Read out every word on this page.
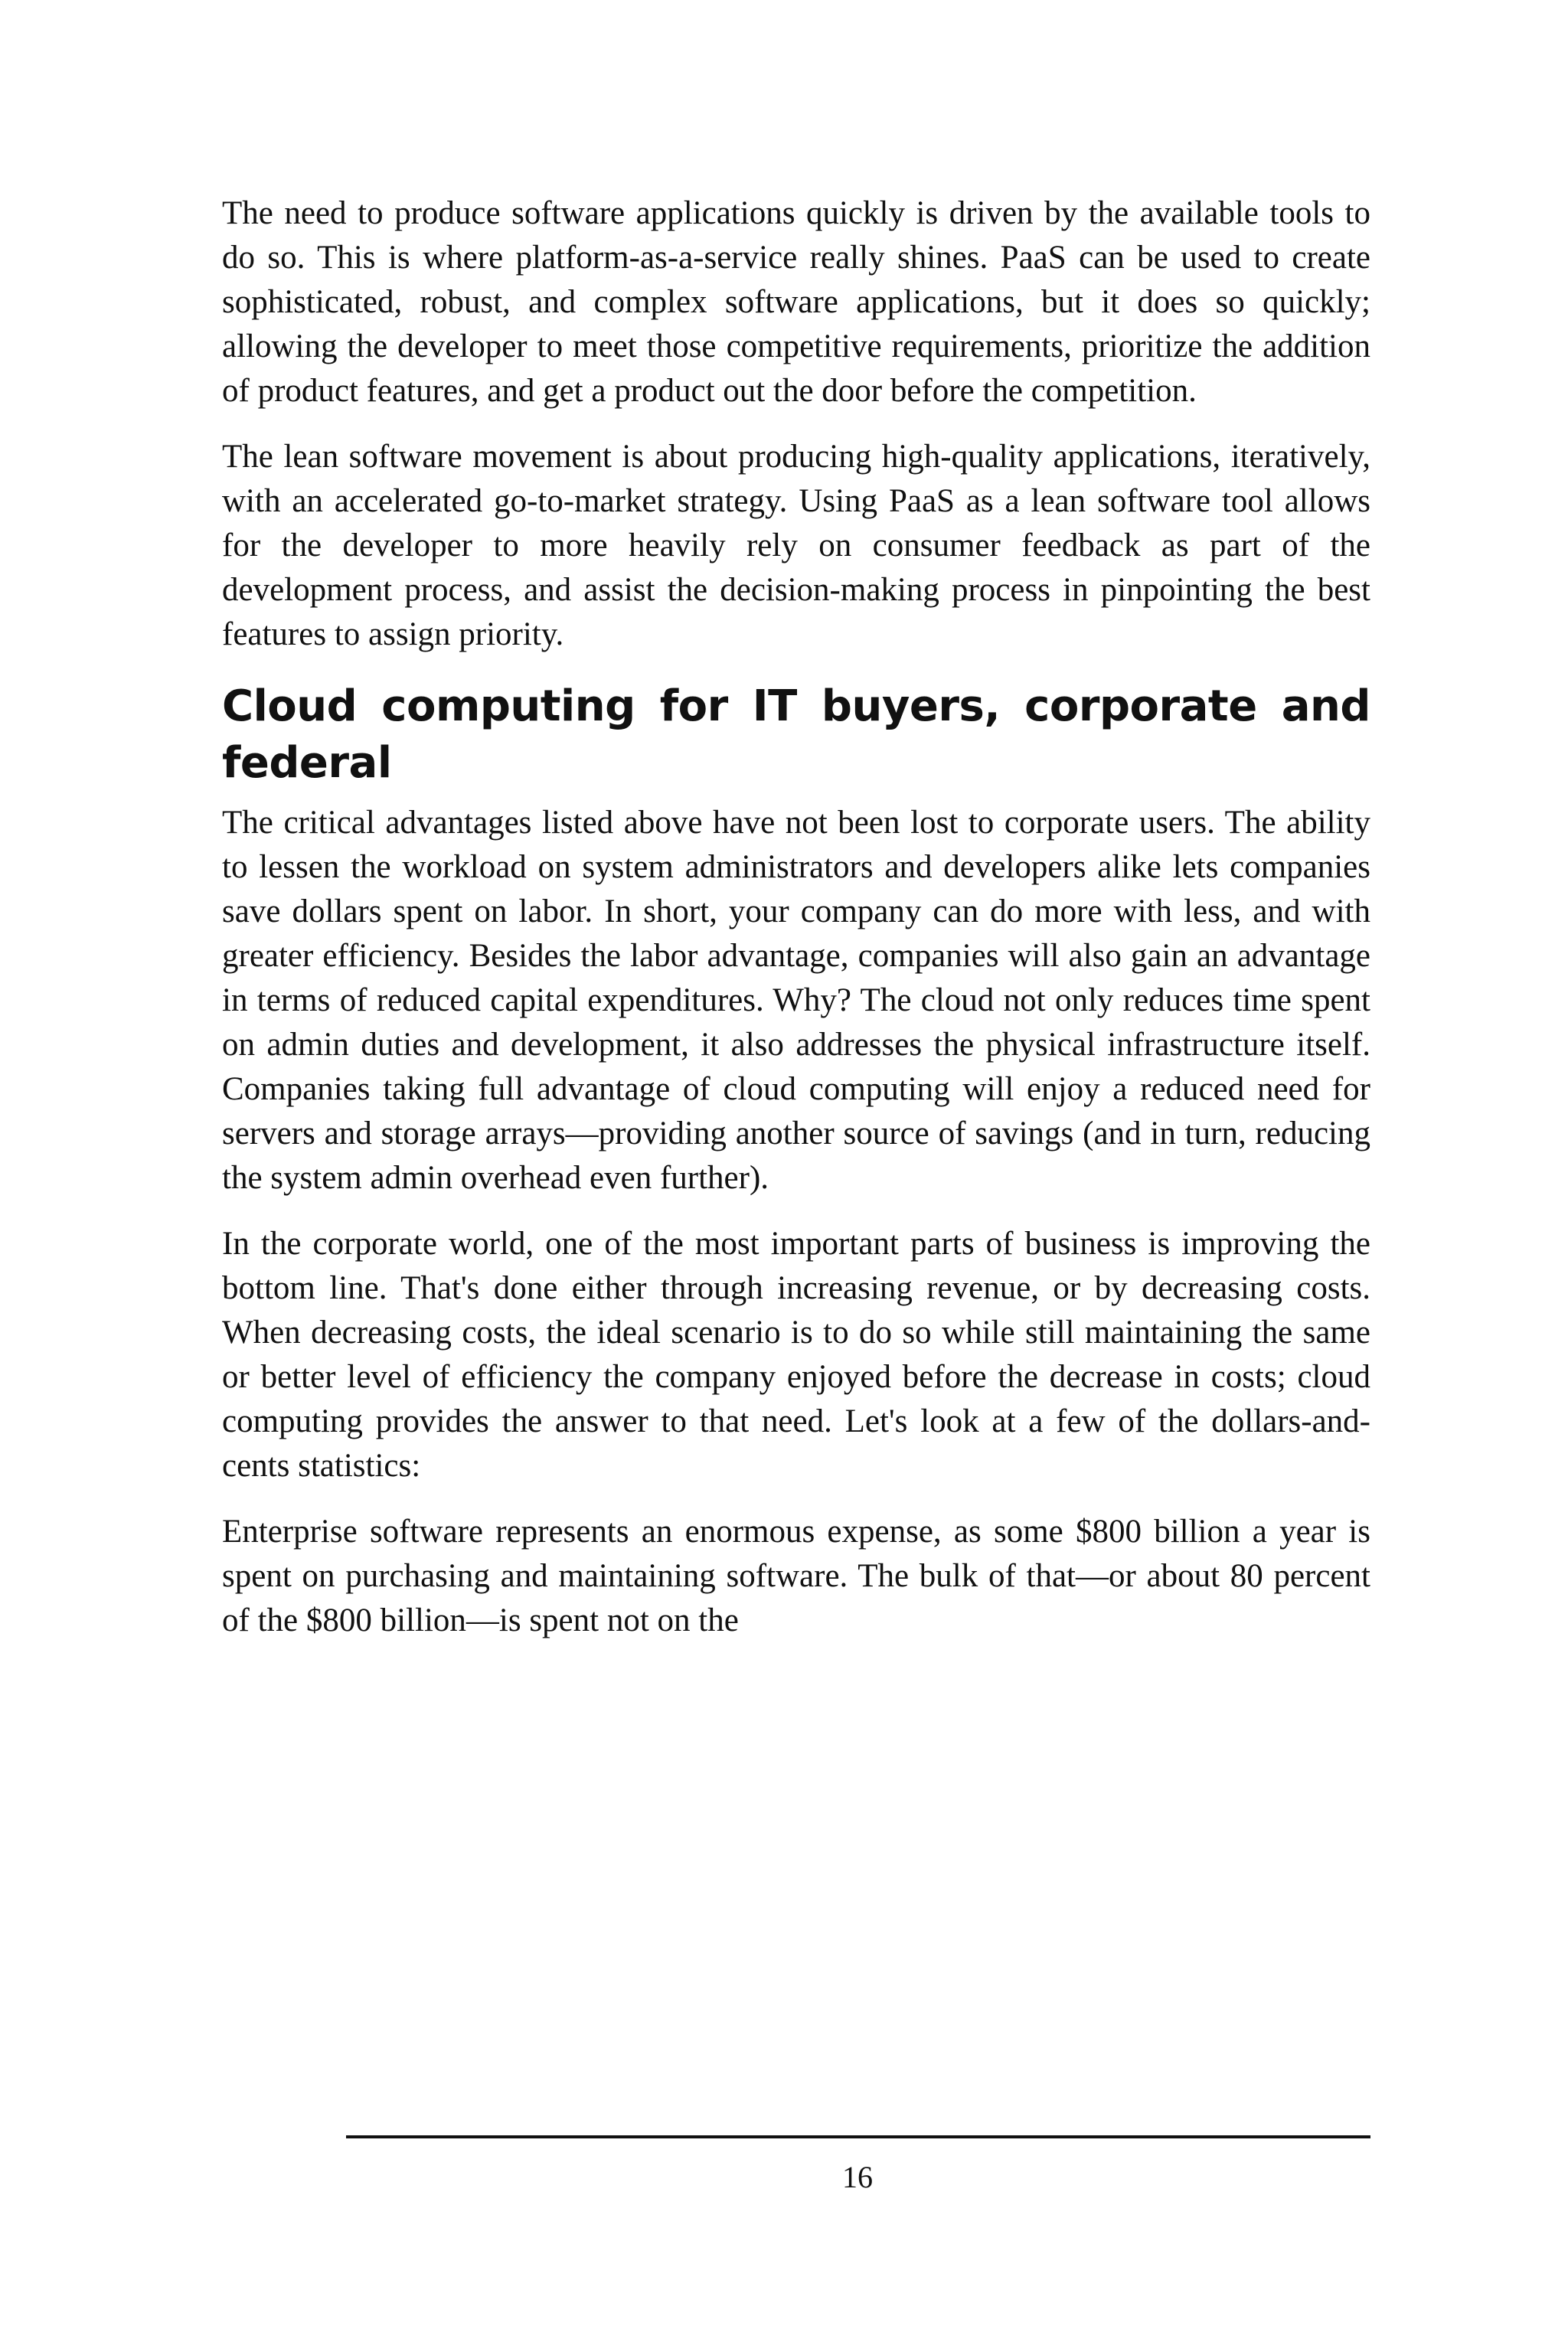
The need to produce software applications quickly is driven by the available tools to do so. This is where platform-as-a-service really shines. PaaS can be used to create sophisticated, robust, and complex software applications, but it does so quickly; allowing the developer to meet those competitive requirements, prioritize the addition of product features, and get a product out the door before the competition.

The lean software movement is about producing high-quality applications, iteratively, with an accelerated go-to-market strategy. Using PaaS as a lean software tool allows for the developer to more heavily rely on consumer feedback as part of the development process, and assist the decision-making process in pinpointing the best features to assign priority.

Cloud computing for IT buyers, corporate and federal

The critical advantages listed above have not been lost to corporate users. The ability to lessen the workload on system administrators and developers alike lets companies save dollars spent on labor. In short, your company can do more with less, and with greater efficiency. Besides the labor advantage, companies will also gain an advantage in terms of reduced capital expenditures. Why? The cloud not only reduces time spent on admin duties and development, it also addresses the physical infrastructure itself. Companies taking full advantage of cloud computing will enjoy a reduced need for servers and storage arrays—providing another source of savings (and in turn, reducing the system admin overhead even further).

In the corporate world, one of the most important parts of business is improving the bottom line. That's done either through increasing revenue, or by decreasing costs. When decreasing costs, the ideal scenario is to do so while still maintaining the same or better level of efficiency the company enjoyed before the decrease in costs; cloud computing provides the answer to that need. Let's look at a few of the dollars-and-cents statistics:

Enterprise software represents an enormous expense, as some $800 billion a year is spent on purchasing and maintaining software. The bulk of that—or about 80 percent of the $800 billion—is spent not on the

16
